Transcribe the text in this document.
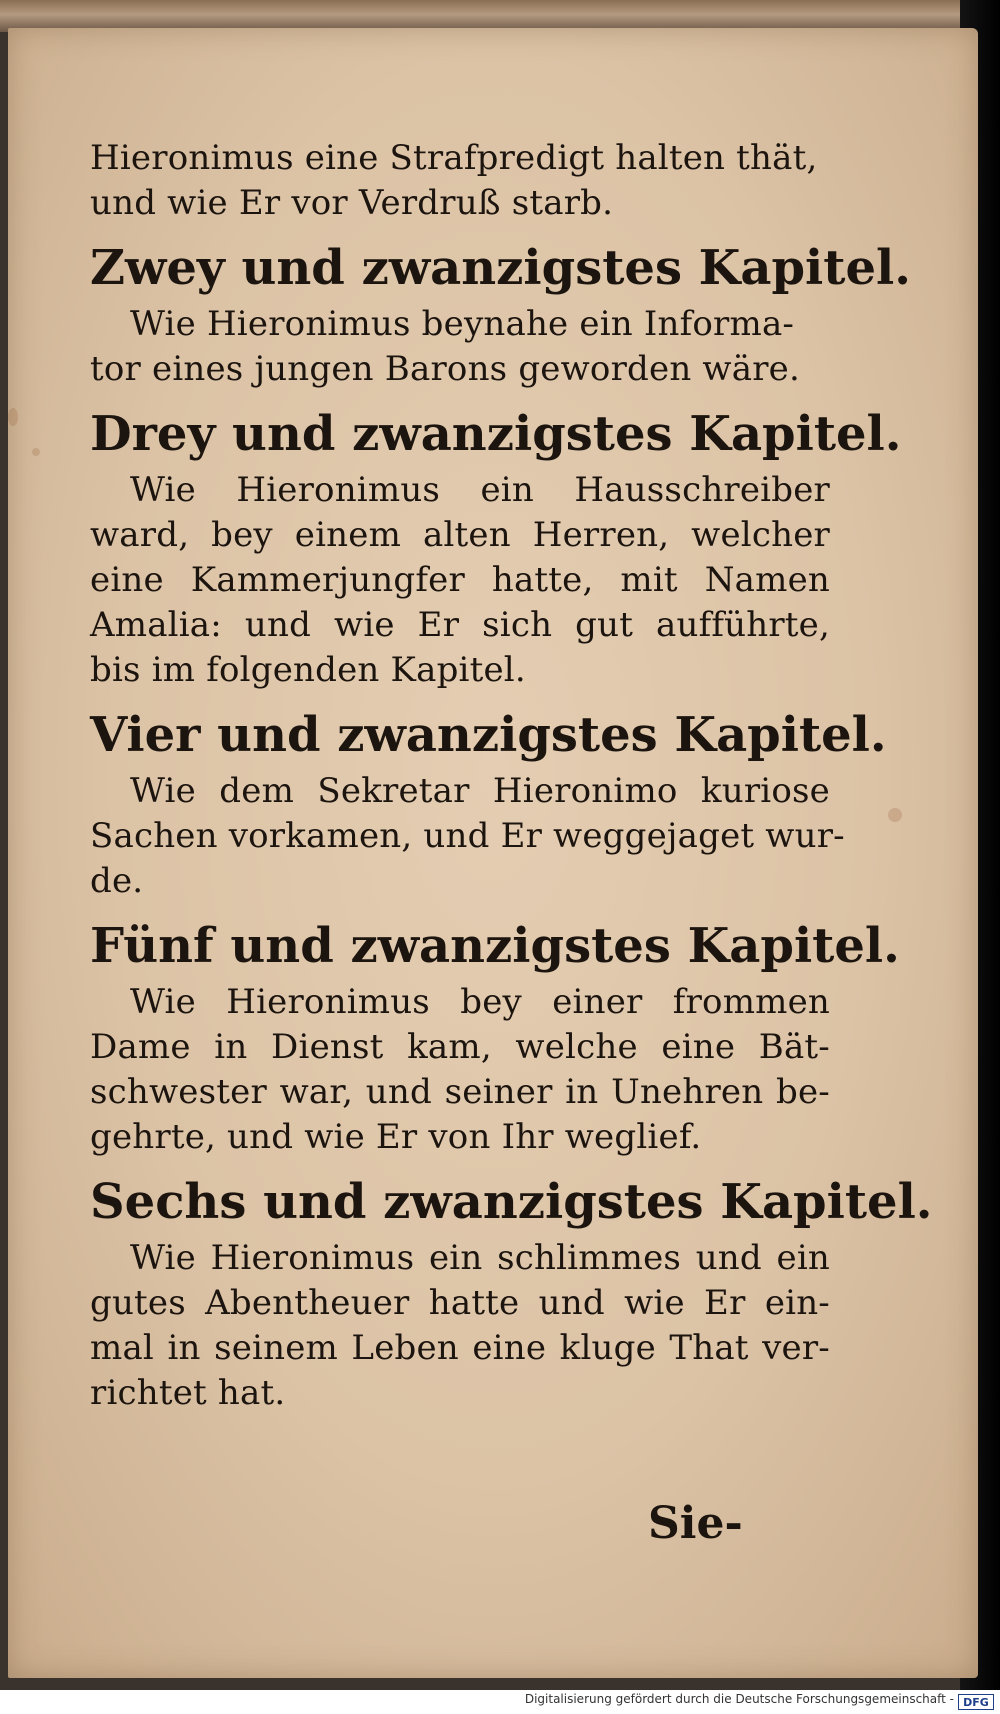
Hieronimus eine Strafpredigt halten thät,
und wie Er vor Verdruß starb.
Zwey und zwanzigstes Kapitel.
Wie Hieronimus beynahe ein Informa-
tor eines jungen Barons geworden wäre.
Drey und zwanzigstes Kapitel.
Wie Hieronimus ein Hausschreiber
ward, bey einem alten Herren, welcher
eine Kammerjungfer hatte, mit Namen
Amalia: und wie Er sich gut aufführte,
bis im folgenden Kapitel.
Vier und zwanzigstes Kapitel.
Wie dem Sekretar Hieronimo kuriose
Sachen vorkamen, und Er weggejaget wur-
de.
Fünf und zwanzigstes Kapitel.
Wie Hieronimus bey einer frommen
Dame in Dienst kam, welche eine Bät-
schwester war, und seiner in Unehren be-
gehrte, und wie Er von Ihr weglief.
Sechs und zwanzigstes Kapitel.
Wie Hieronimus ein schlimmes und ein
gutes Abentheuer hatte und wie Er ein-
mal in seinem Leben eine kluge That ver-
richtet hat.
Sie-
Digitalisierung gefördert durch die Deutsche Forschungsgemeinschaft - DFG
